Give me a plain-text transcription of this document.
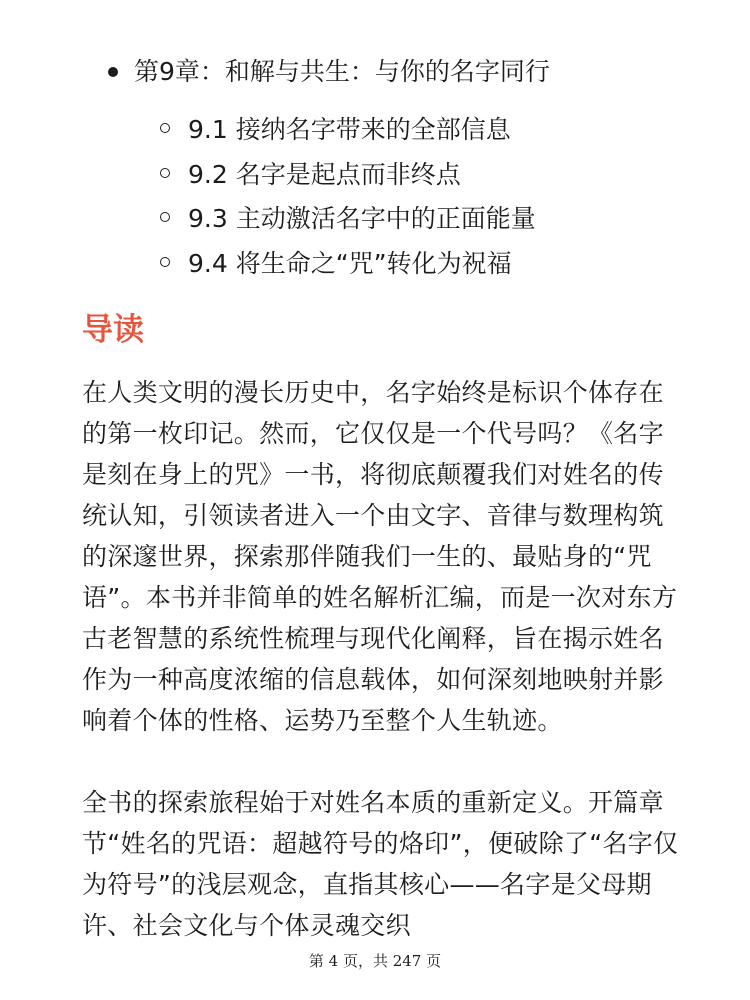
第9章：和解与共生：与你的名字同行
9.1 接纳名字带来的全部信息
9.2 名字是起点而非终点
9.3 主动激活名字中的正面能量
9.4 将生命之“咒”转化为祝福
导读

在人类文明的漫长历史中，名字始终是标识个体存在的第一枚印记。然而，它仅仅是一个代号吗？《名字是刻在身上的咒》一书，将彻底颠覆我们对姓名的传统认知，引领读者进入一个由文字、音律与数理构筑的深邃世界，探索那伴随我们一生的、最贴身的“咒语”。本书并非简单的姓名解析汇编，而是一次对东方古老智慧的系统性梳理与现代化阐释，旨在揭示姓名作为一种高度浓缩的信息载体，如何深刻地映射并影响着个体的性格、运势乃至整个人生轨迹。

全书的探索旅程始于对姓名本质的重新定义。开篇章节“姓名的咒语：超越符号的烙印”，便破除了“名字仅为符号”的浅层观念，直指其核心——名字是父母期许、社会文化与个体灵魂交织

第 4 页，共 247 页
